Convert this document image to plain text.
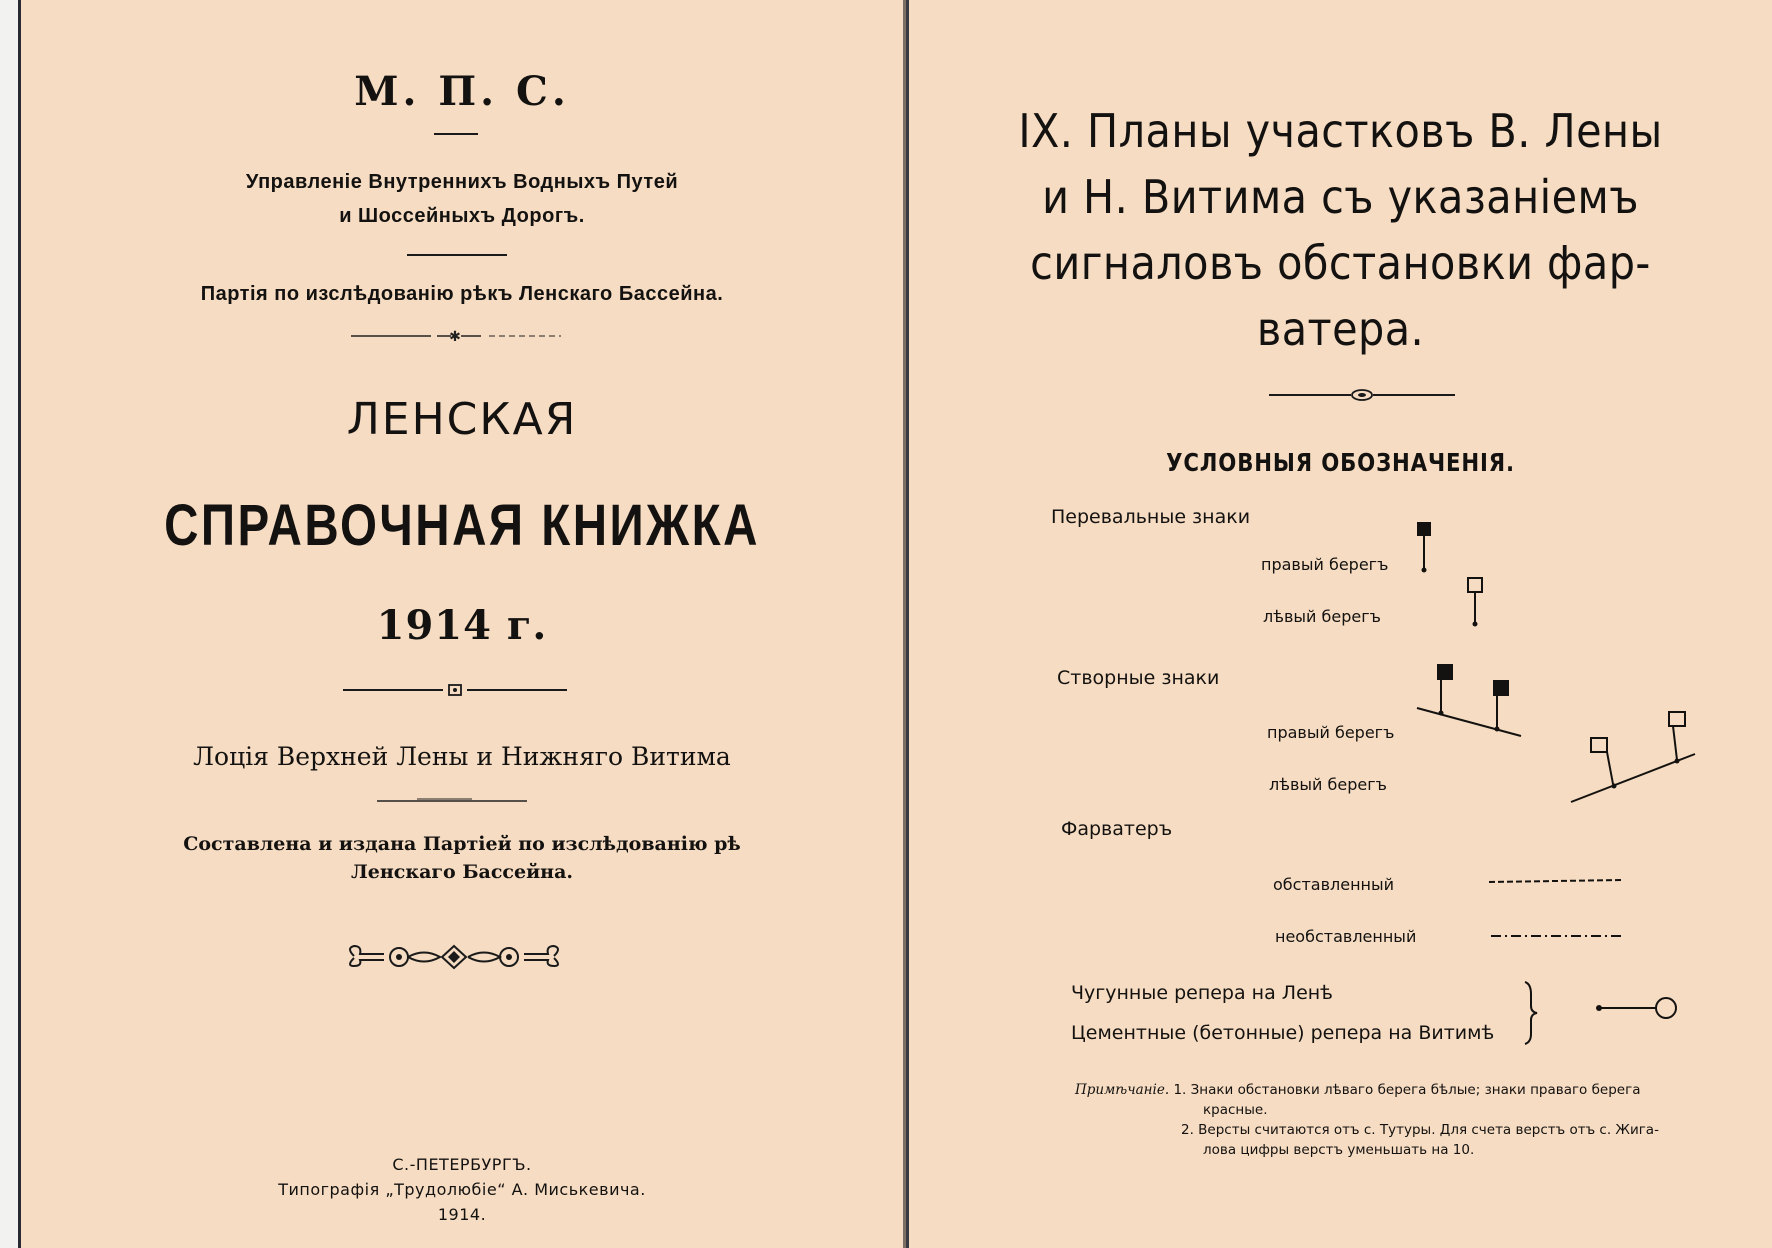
М. П. С.
Управленіе Внутреннихъ Водныхъ Путей
и Шоссейныхъ Дорогъ.
Партія по изслѣдованію рѣкъ Ленскаго Бассейна.
✱
ЛЕНСКАЯ
СПРАВОЧНАЯ КНИЖКА
1914 г.
Лоція Верхней Лены и Нижняго Витима
Составлена и издана Партіей по изслѣдованію рѣ
Ленскаго Бассейна.
С.-ПЕТЕРБУРГЪ.
Типографія „Трудолюбіе“ А. Миськевича.
1914.
IX. Планы участковъ В. Лены
и Н. Витима съ указаніемъ
сигналовъ обстановки фар-
ватера.
УСЛОВНЫЯ ОБОЗНАЧЕНІЯ.
Перевальные знаки
правый берегъ
лѣвый берегъ
Створные знаки
правый берегъ
лѣвый берегъ
Фарватеръ
обставленный
необставленный
Чугунные репера на Ленѣ
Цементные (бетонные) репера на Витимѣ
Примѣчаніе. 1. Знаки обстановки лѣваго берега бѣлые; знаки праваго берега
красные.
2. Версты считаются отъ с. Тутуры. Для счета верстъ отъ с. Жига-
лова цифры верстъ уменьшать на 10.
